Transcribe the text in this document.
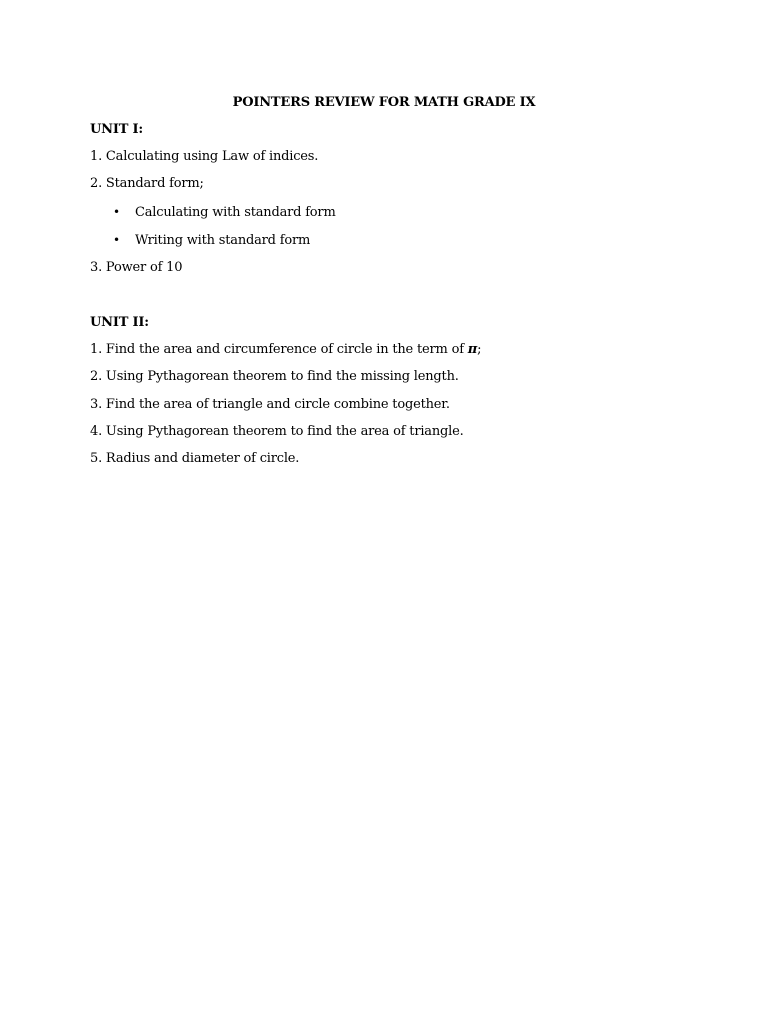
POINTERS REVIEW FOR MATH GRADE IX
UNIT I:
1. Calculating using Law of indices.
2. Standard form;
• Calculating with standard form
• Writing with standard form
3. Power of 10
UNIT II:
1. Find the area and circumference of circle in the term of π;
2. Using Pythagorean theorem to find the missing length.
3. Find the area of triangle and circle combine together.
4. Using Pythagorean theorem to find the area of triangle.
5. Radius and diameter of circle.
